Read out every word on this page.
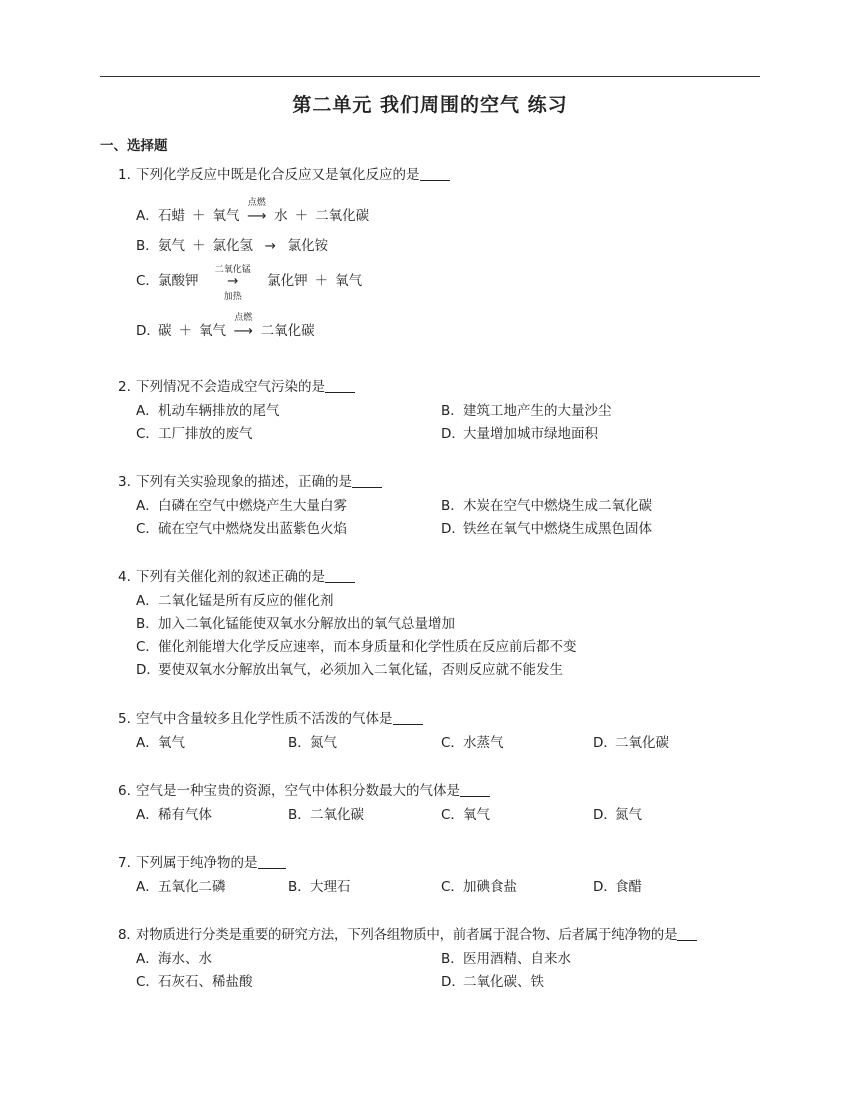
第二单元 我们周围的空气 练习
一、选择题
1. 下列化学反应中既是化合反应又是氧化反应的是
A．石蜡 ＋ 氧气
点燃
⟶ 水 ＋ 二氧化碳
B．氨气 ＋ 氯化氢 → 氯化铵
C．氯酸钾
二氧化锰
→
加热
氯化钾 ＋ 氧气
D．碳 ＋ 氧气
点燃
⟶ 二氧化碳
2. 下列情况不会造成空气污染的是
A．机动车辆排放的尾气	B．建筑工地产生的大量沙尘
C．工厂排放的废气	D．大量增加城市绿地面积
3. 下列有关实验现象的描述，正确的是
A．白磷在空气中燃烧产生大量白雾	B．木炭在空气中燃烧生成二氧化碳
C．硫在空气中燃烧发出蓝紫色火焰	D．铁丝在氧气中燃烧生成黑色固体
4. 下列有关催化剂的叙述正确的是
A．二氧化锰是所有反应的催化剂
B．加入二氧化锰能使双氧水分解放出的氧气总量增加
C．催化剂能增大化学反应速率，而本身质量和化学性质在反应前后都不变
D．要使双氧水分解放出氧气，必须加入二氧化锰，否则反应就不能发生
5. 空气中含量较多且化学性质不活泼的气体是
A．氧气	B．氮气	C．水蒸气	D．二氧化碳
6. 空气是一种宝贵的资源，空气中体积分数最大的气体是
A．稀有气体	B．二氧化碳	C．氧气	D．氮气
7. 下列属于纯净物的是
A．五氧化二磷	B．大理石	C．加碘食盐	D．食醋
8. 对物质进行分类是重要的研究方法，下列各组物质中，前者属于混合物、后者属于纯净物的是
A．海水、水	B．医用酒精、自来水
C．石灰石、稀盐酸	D．二氧化碳、铁
